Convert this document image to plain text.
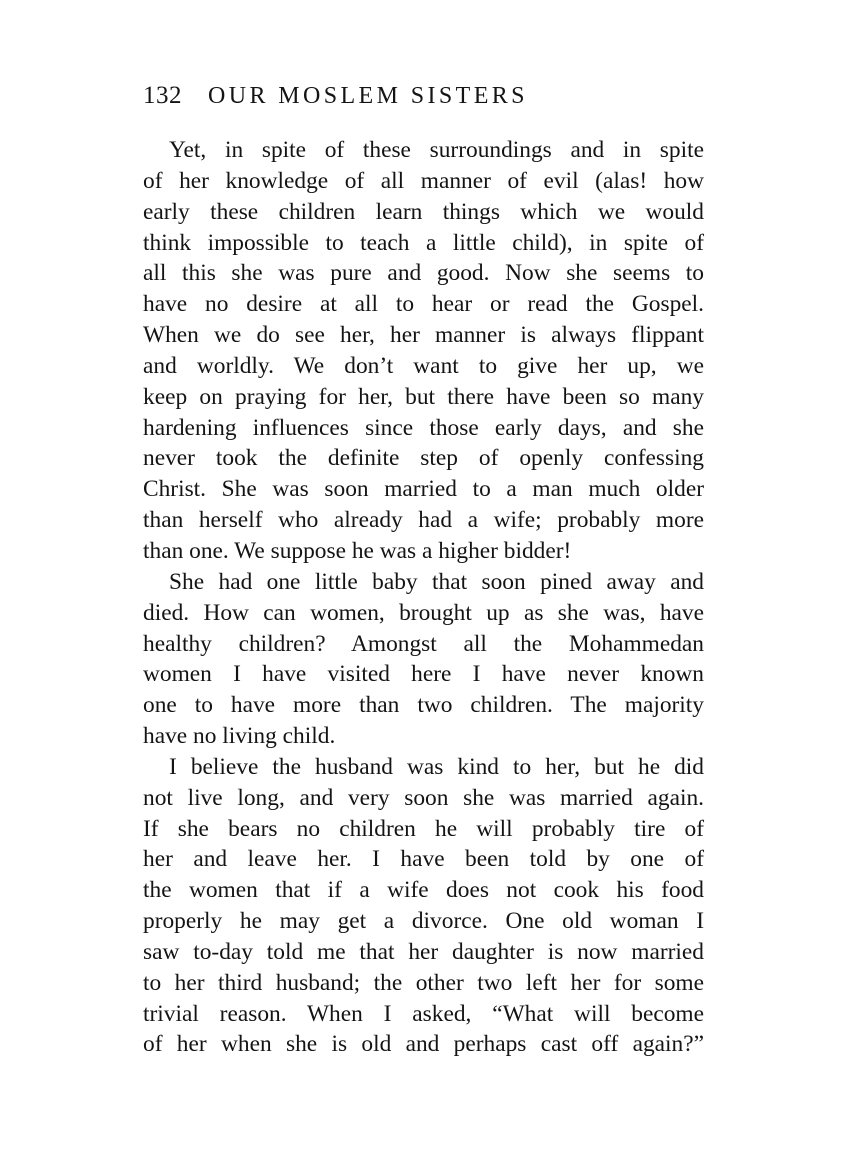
132 OUR MOSLEM SISTERS
Yet, in spite of these surroundings and in spite
of her knowledge of all manner of evil (alas! how
early these children learn things which we would
think impossible to teach a little child), in spite of
all this she was pure and good. Now she seems to
have no desire at all to hear or read the Gospel.
When we do see her, her manner is always flippant
and worldly. We don’t want to give her up, we
keep on praying for her, but there have been so many
hardening influences since those early days, and she
never took the definite step of openly confessing
Christ. She was soon married to a man much older
than herself who already had a wife; probably more
than one. We suppose he was a higher bidder!
She had one little baby that soon pined away and
died. How can women, brought up as she was, have
healthy children? Amongst all the Mohammedan
women I have visited here I have never known
one to have more than two children. The majority
have no living child.
I believe the husband was kind to her, but he did
not live long, and very soon she was married again.
If she bears no children he will probably tire of
her and leave her. I have been told by one of
the women that if a wife does not cook his food
properly he may get a divorce. One old woman I
saw to-day told me that her daughter is now married
to her third husband; the other two left her for some
trivial reason. When I asked, “What will become
of her when she is old and perhaps cast off again?”
